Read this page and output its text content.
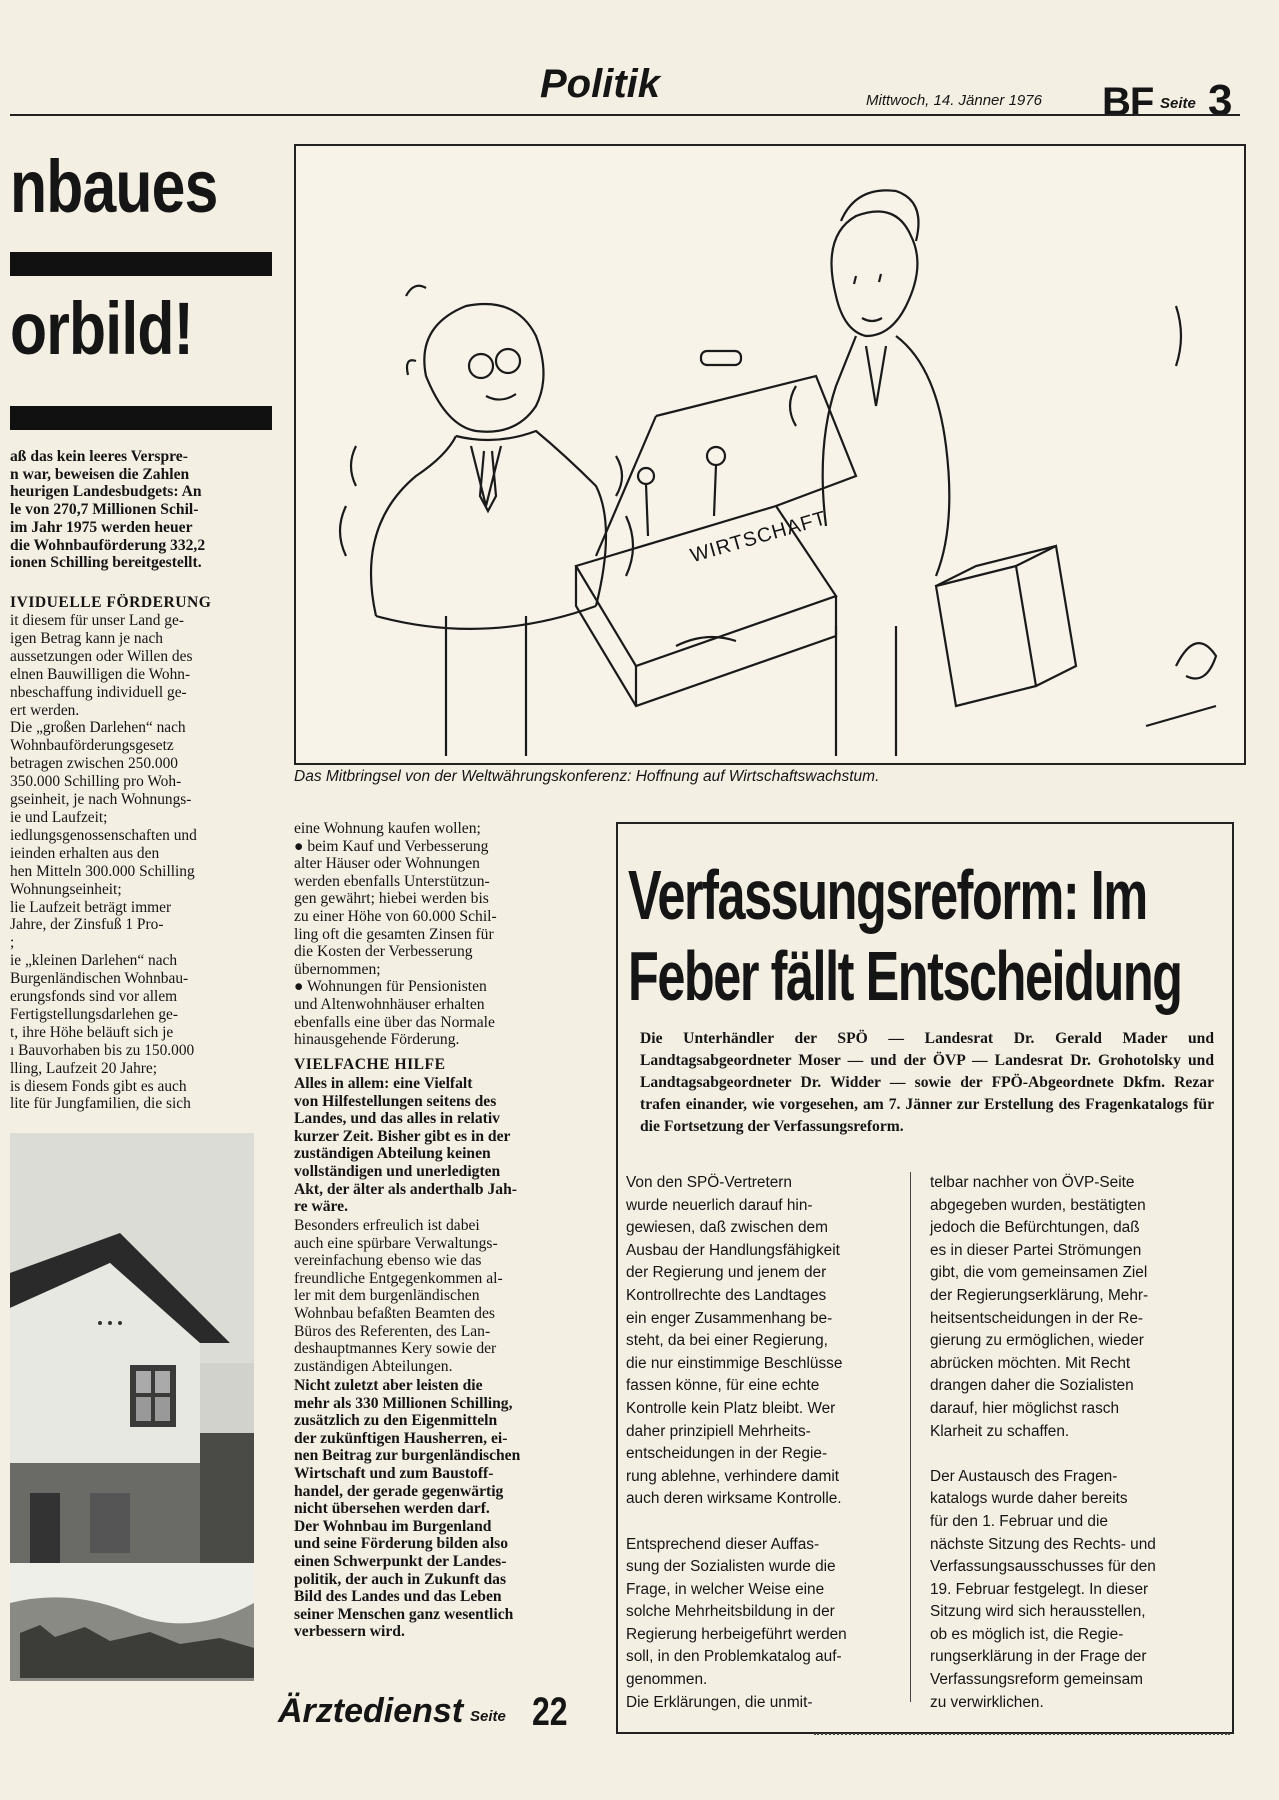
Politik	Mittwoch, 14. Jänner 1976 BF Seite 3
nbaues
orbild!
aß das kein leeres Verspre-
n war, beweisen die Zahlen
heurigen Landesbudgets: An
le von 270,7 Millionen Schil-
im Jahr 1975 werden heuer
die Wohnbauförderung 332,2
ionen Schilling bereitgestellt.
IVIDUELLE FÖRDERUNG
it diesem für unser Land ge-
igen Betrag kann je nach
aussetzungen oder Willen des
elnen Bauwilligen die Wohn-
nbeschaffung individuell ge-
ert werden.
Die „großen Darlehen“ nach
Wohnbauförderungsgesetz
betragen zwischen 250.000
350.000 Schilling pro Woh-
gseinheit, je nach Wohnungs-
ie und Laufzeit;
iedlungsgenossenschaften und
ieinden erhalten aus den
hen Mitteln 300.000 Schilling
Wohnungseinheit;
lie Laufzeit beträgt immer
Jahre, der Zinsfuß 1 Pro-
;
ie „kleinen Darlehen“ nach
Burgenländischen Wohnbau-
erungsfonds sind vor allem
Fertigstellungsdarlehen ge-
t, ihre Höhe beläuft sich je
ı Bauvorhaben bis zu 150.000
lling, Laufzeit 20 Jahre;
is diesem Fonds gibt es auch
lite für Jungfamilien, die sich
WIRTSCHAFT
Das Mitbringsel von der Weltwährungskonferenz: Hoffnung auf Wirtschaftswachstum.
eine Wohnung kaufen wollen;
● beim Kauf und Verbesserung
alter Häuser oder Wohnungen
werden ebenfalls Unterstützun-
gen gewährt; hiebei werden bis
zu einer Höhe von 60.000 Schil-
ling oft die gesamten Zinsen für
die Kosten der Verbesserung
übernommen;
● Wohnungen für Pensionisten
und Altenwohnhäuser erhalten
ebenfalls eine über das Normale
hinausgehende Förderung.
VIELFACHE HILFE
Alles in allem: eine Vielfalt
von Hilfestellungen seitens des
Landes, und das alles in relativ
kurzer Zeit. Bisher gibt es in der
zuständigen Abteilung keinen
vollständigen und unerledigten
Akt, der älter als anderthalb Jah-
re wäre.
Besonders erfreulich ist dabei
auch eine spürbare Verwaltungs-
vereinfachung ebenso wie das
freundliche Entgegenkommen al-
ler mit dem burgenländischen
Wohnbau befaßten Beamten des
Büros des Referenten, des Lan-
deshauptmannes Kery sowie der
zuständigen Abteilungen.
Nicht zuletzt aber leisten die
mehr als 330 Millionen Schilling,
zusätzlich zu den Eigenmitteln
der zukünftigen Hausherren, ei-
nen Beitrag zur burgenländischen
Wirtschaft und zum Baustoff-
handel, der gerade gegenwärtig
nicht übersehen werden darf.
Der Wohnbau im Burgenland
und seine Förderung bilden also
einen Schwerpunkt der Landes-
politik, der auch in Zukunft das
Bild des Landes und das Leben
seiner Menschen ganz wesentlich
verbessern wird.
Verfassungsreform: Im
Feber fällt Entscheidung
Die Unterhändler der SPÖ — Landesrat Dr. Gerald Mader und Landtagsabgeordneter Moser — und der ÖVP — Landesrat Dr. Grohotolsky und Landtagsabgeordneter Dr. Widder — sowie der FPÖ-Abgeordnete Dkfm. Rezar trafen einander, wie vorgesehen, am 7. Jänner zur Erstellung des Fragenkatalogs für die Fortsetzung der Verfassungsreform.
Von den SPÖ-Vertretern
wurde neuerlich darauf hin-
gewiesen, daß zwischen dem
Ausbau der Handlungsfähigkeit
der Regierung und jenem der
Kontrollrechte des Landtages
ein enger Zusammenhang be-
steht, da bei einer Regierung,
die nur einstimmige Beschlüsse
fassen könne, für eine echte
Kontrolle kein Platz bleibt. Wer
daher prinzipiell Mehrheits-
entscheidungen in der Regie-
rung ablehne, verhindere damit
auch deren wirksame Kontrolle.

Entsprechend dieser Auffas-
sung der Sozialisten wurde die
Frage, in welcher Weise eine
solche Mehrheitsbildung in der
Regierung herbeigeführt werden
soll, in den Problemkatalog auf-
genommen.
Die Erklärungen, die unmit-
telbar nachher von ÖVP-Seite
abgegeben wurden, bestätigten
jedoch die Befürchtungen, daß
es in dieser Partei Strömungen
gibt, die vom gemeinsamen Ziel
der Regierungserklärung, Mehr-
heitsentscheidungen in der Re-
gierung zu ermöglichen, wieder
abrücken möchten. Mit Recht
drangen daher die Sozialisten
darauf, hier möglichst rasch
Klarheit zu schaffen.

Der Austausch des Fragen-
katalogs wurde daher bereits
für den 1. Februar und die
nächste Sitzung des Rechts- und
Verfassungsausschusses für den
19. Februar festgelegt. In dieser
Sitzung wird sich herausstellen,
ob es möglich ist, die Regie-
rungserklärung in der Frage der
Verfassungsreform gemeinsam
zu verwirklichen.
Ärztedienst Seite 22
